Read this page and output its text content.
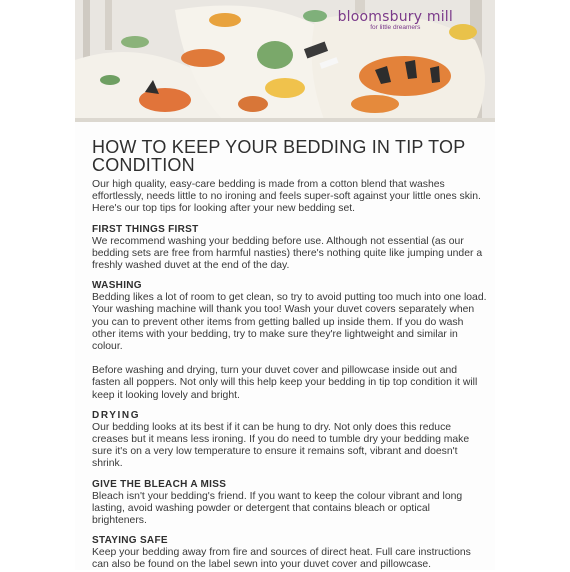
bloomsbury mill
for little dreamers
HOW TO KEEP YOUR BEDDING IN TIP TOP CONDITION

Our high quality, easy-care bedding is made from a cotton blend that washes effortlessly, needs little to no ironing and feels super-soft against your little ones skin. Here's our top tips for looking after your new bedding set.

FIRST THINGS FIRST

We recommend washing your bedding before use. Although not essential (as our bedding sets are free from harmful nasties) there's nothing quite like jumping under a freshly washed duvet at the end of the day.

WASHING

Bedding likes a lot of room to get clean, so try to avoid putting too much into one load. Your washing machine will thank you too! Wash your duvet covers separately when you can to prevent other items from getting balled up inside them. If you do wash other items with your bedding, try to make sure they're lightweight and similar in colour.

Before washing and drying, turn your duvet cover and pillowcase inside out and fasten all poppers. Not only will this help keep your bedding in tip top condition it will keep it looking lovely and bright.

DRYING

Our bedding looks at its best if it can be hung to dry. Not only does this reduce creases but it means less ironing. If you do need to tumble dry your bedding make sure it's on a very low temperature to ensure it remains soft, vibrant and doesn't shrink.

GIVE THE BLEACH A MISS

Bleach isn't your bedding's friend. If you want to keep the colour vibrant and long lasting, avoid washing powder or detergent that contains bleach or optical brighteners.

STAYING SAFE

Keep your bedding away from fire and sources of direct heat. Full care instructions can also be found on the label sewn into your duvet cover and pillowcase.
